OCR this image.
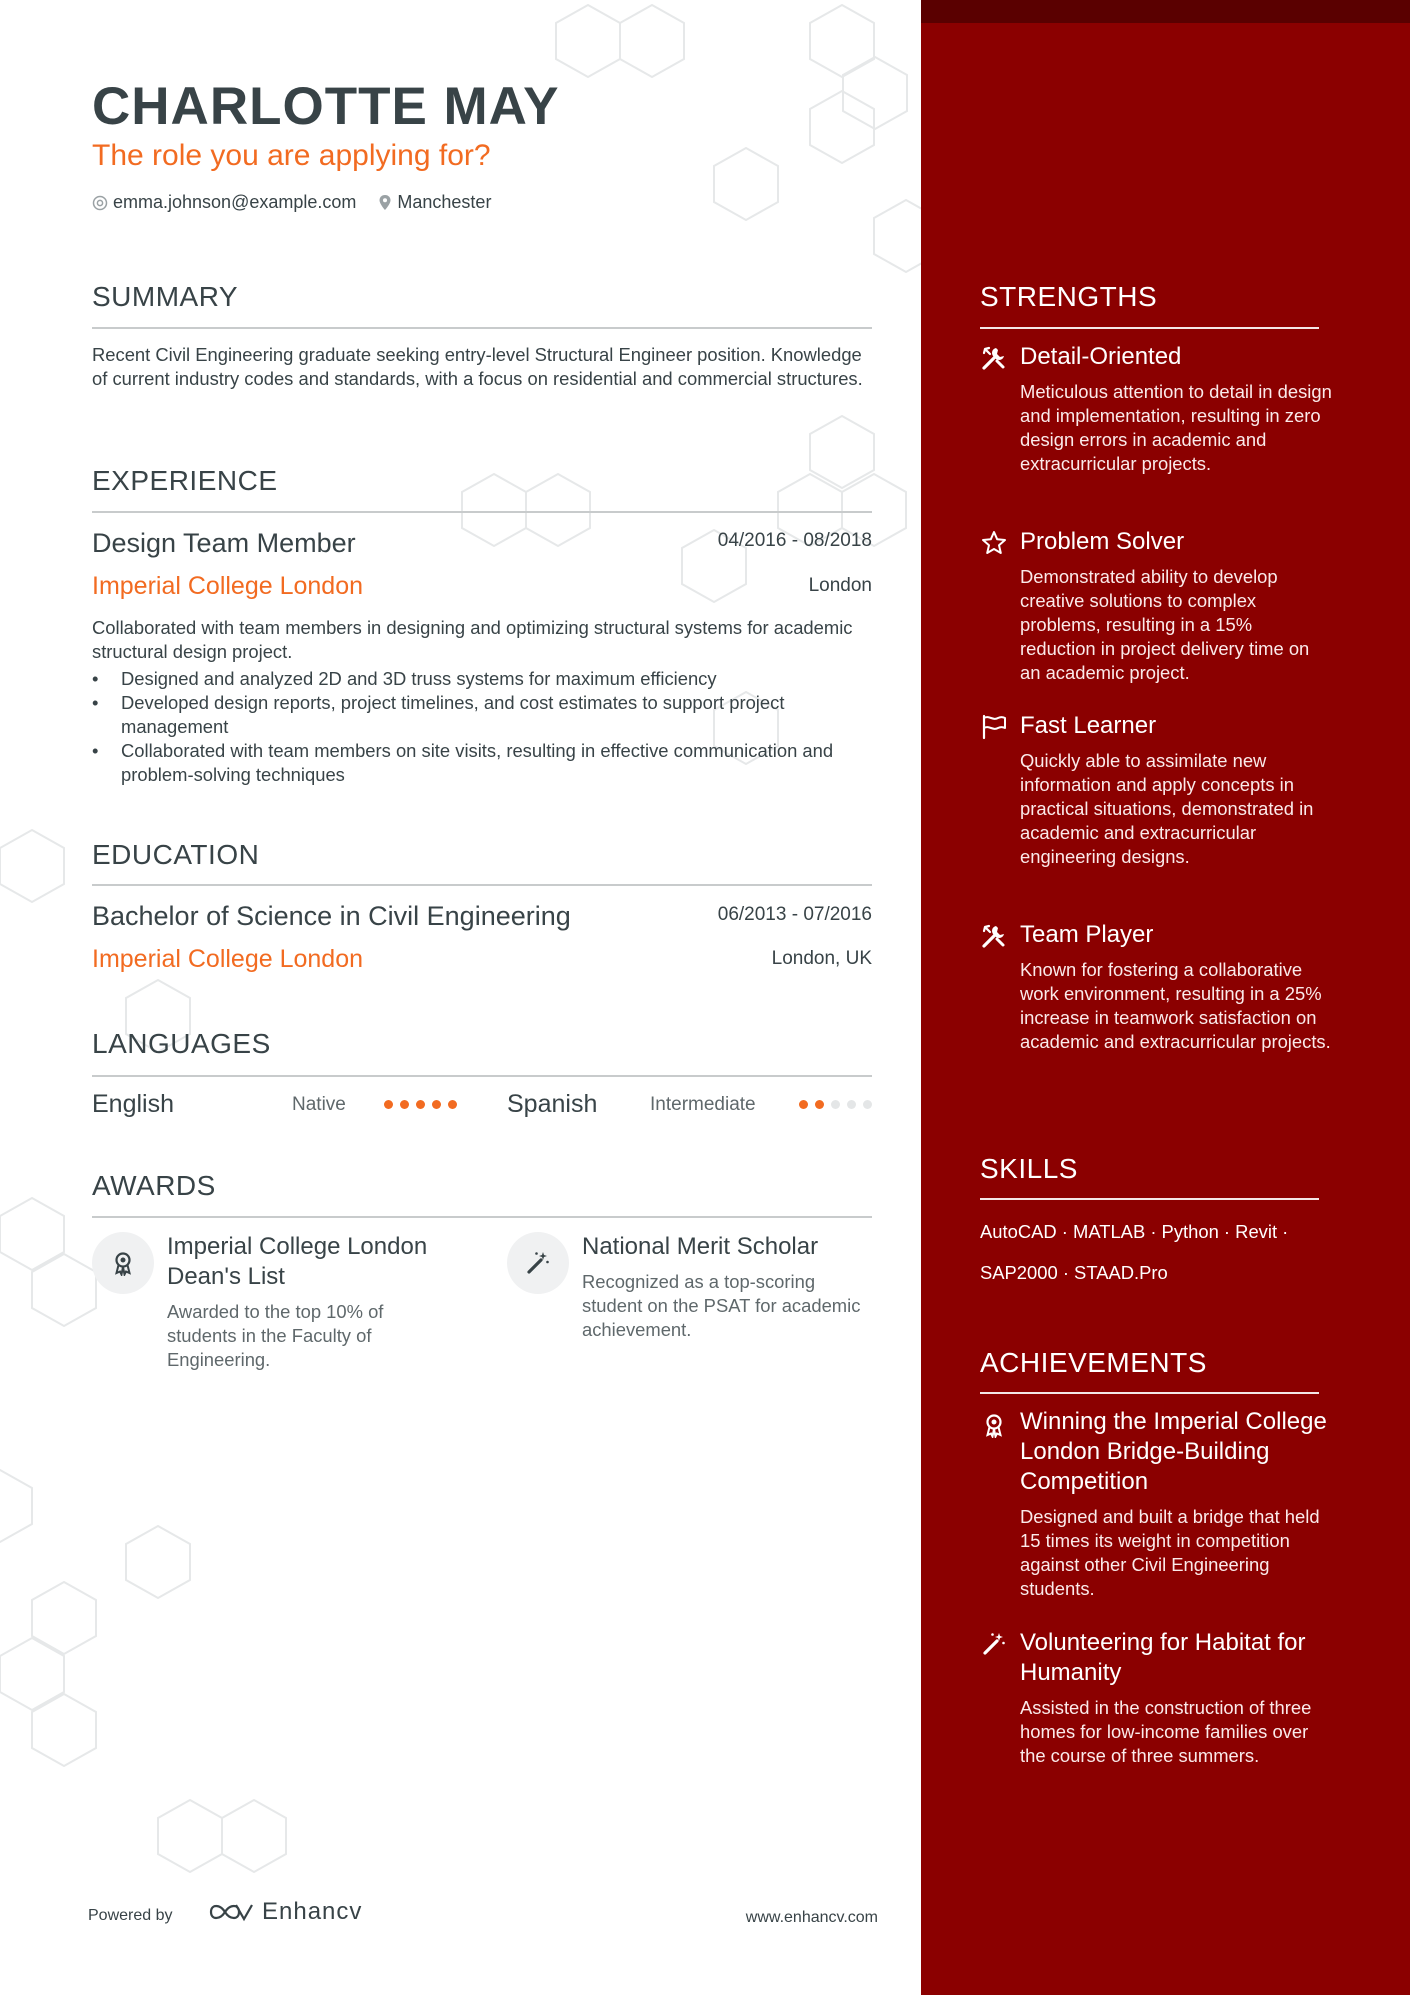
CHARLOTTE MAY
The role you are applying for?
emma.johnson@example.com Manchester
SUMMARY
Recent Civil Engineering graduate seeking entry-level Structural Engineer position. Knowledge of current industry codes and standards, with a focus on residential and commercial structures.
EXPERIENCE
Design Team Member	04/2016 - 08/2018
Imperial College London	London
Collaborated with team members in designing and optimizing structural systems for academic structural design project.
• Designed and analyzed 2D and 3D truss systems for maximum efficiency
• Developed design reports, project timelines, and cost estimates to support project management
• Collaborated with team members on site visits, resulting in effective communication and problem-solving techniques
EDUCATION
Bachelor of Science in Civil Engineering	06/2013 - 07/2016
Imperial College London	London, UK
LANGUAGES
English	Native	Spanish	Intermediate
AWARDS
Imperial College London Dean's List
Awarded to the top 10% of students in the Faculty of Engineering.
National Merit Scholar
Recognized as a top-scoring student on the PSAT for academic achievement.
Powered by	Enhancv	www.enhancv.com
STRENGTHS
Detail-Oriented
Meticulous attention to detail in design and implementation, resulting in zero design errors in academic and extracurricular projects.
Problem Solver
Demonstrated ability to develop creative solutions to complex problems, resulting in a 15% reduction in project delivery time on an academic project.
Fast Learner
Quickly able to assimilate new information and apply concepts in practical situations, demonstrated in academic and extracurricular engineering designs.
Team Player
Known for fostering a collaborative work environment, resulting in a 25% increase in teamwork satisfaction on academic and extracurricular projects.
SKILLS
AutoCAD · MATLAB · Python · Revit · SAP2000 · STAAD.Pro
ACHIEVEMENTS
Winning the Imperial College London Bridge-Building Competition
Designed and built a bridge that held 15 times its weight in competition against other Civil Engineering students.
Volunteering for Habitat for Humanity
Assisted in the construction of three homes for low-income families over the course of three summers.
